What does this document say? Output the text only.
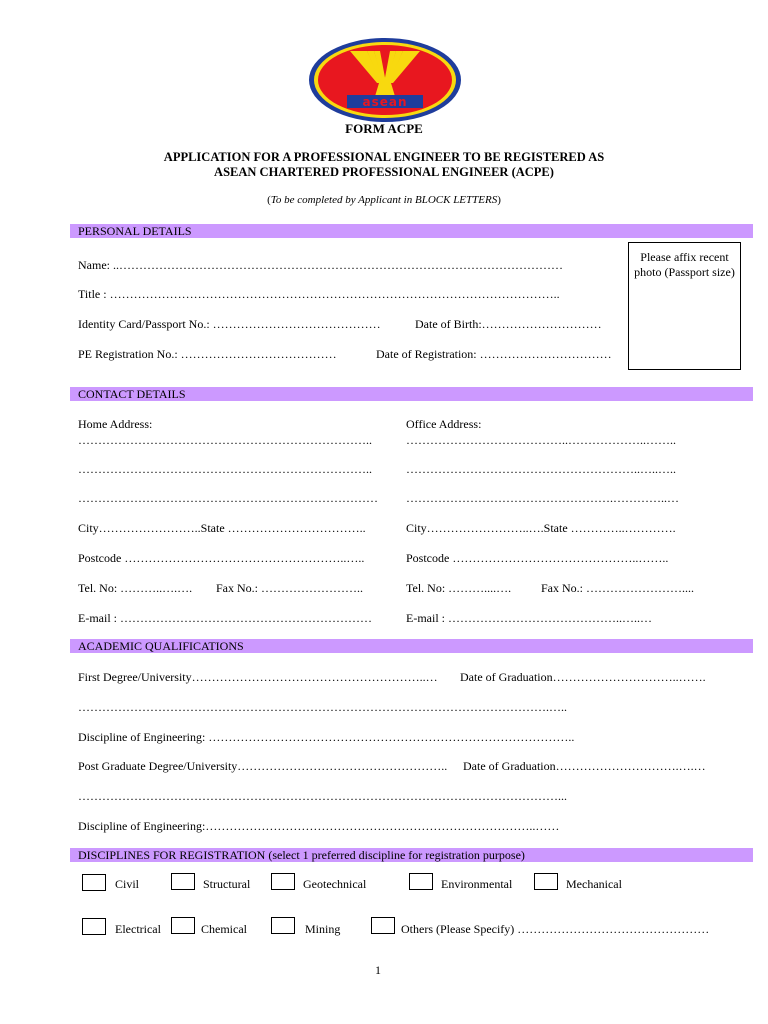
asean
FORM ACPE
APPLICATION FOR A PROFESSIONAL ENGINEER TO BE REGISTERED AS
ASEAN CHARTERED PROFESSIONAL ENGINEER (ACPE)
(To be completed by Applicant in BLOCK LETTERS)
PERSONAL DETAILS
Please affix recent photo (Passport size)
Name: ..…………………………………………………………………………………………………
Title : …………………………………………………………………………………………………..
Identity Card/Passport No.: ……………………………………	Date of Birth:…………………………
PE Registration No.: …………………………………	Date of Registration: ……………………………
CONTACT DETAILS
Home Address:	Office Address:
………………………………………………………………..	…………………………………..………………..……..
………………………………………………………………..	…………………………………………………..…..…..
………………………………………………………………… …………………………………………….…………..…
City……………………..State ……………………………..	City……………………..….State …………..………….
Postcode ………………………………………………..…..	Postcode ………………………………………..……..
Tel. No: ………..….…. Fax No.: ……………………..	Tel. No: ………....…. Fax No.: ……………………....
E-mail : ………………………………………………………	E-mail : ……………………………………..…..…
ACADEMIC QUALIFICATIONS
First Degree/University…………………………………………………..… Date of Graduation…………………………..…….
……………………………………………………………………………………………………….…..
Discipline of Engineering: ………………………………………………………………………………..
Post Graduate Degree/University…………………………………………….. Date of Graduation………………………….….…
…………………………………………………………………………………………………………...
Discipline of Engineering:………………………………………………………………………..……
DISCIPLINES FOR REGISTRATION (select 1 preferred discipline for registration purpose)
Civil	Structural	Geotechnical	Environmental	Mechanical
Electrical	Chemical	Mining	Others (Please Specify) …………………………………………
1
